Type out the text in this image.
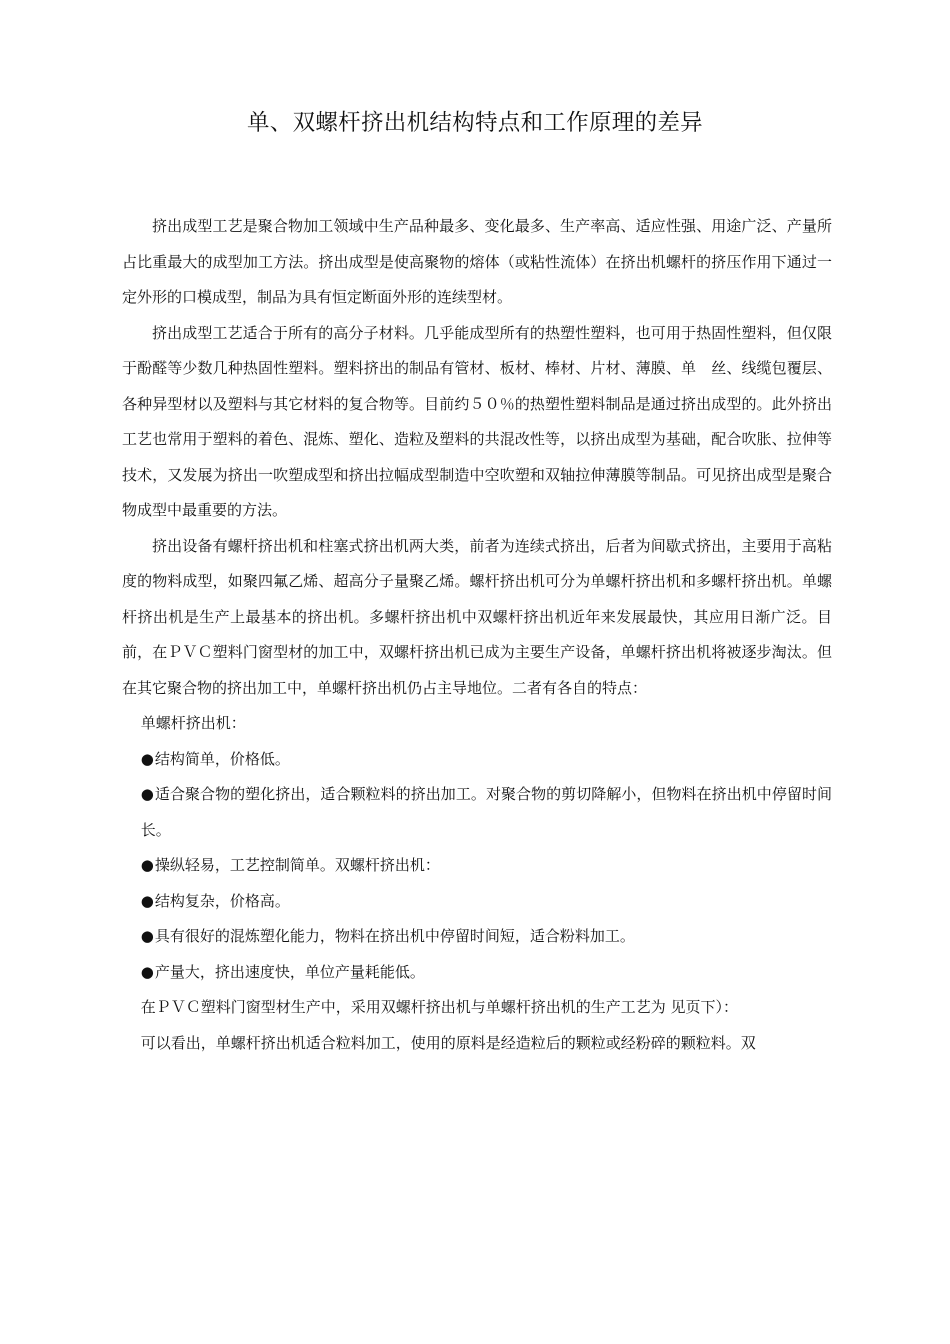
单、双螺杆挤出机结构特点和工作原理的差异

挤出成型工艺是聚合物加工领域中生产品种最多、变化最多、生产率高、适应性强、用途广泛、产量所占比重最大的成型加工方法。挤出成型是使高聚物的熔体（或粘性流体）在挤出机螺杆的挤压作用下通过一定外形的口模成型，制品为具有恒定断面外形的连续型材。

挤出成型工艺适合于所有的高分子材料。几乎能成型所有的热塑性塑料，也可用于热固性塑料，但仅限于酚醛等少数几种热固性塑料。塑料挤出的制品有管材、板材、棒材、片材、薄膜、单　丝、线缆包覆层、各种异型材以及塑料与其它材料的复合物等。目前约５０％的热塑性塑料制品是通过挤出成型的。此外挤出工艺也常用于塑料的着色、混炼、塑化、造粒及塑料的共混改性等，以挤出成型为基础，配合吹胀、拉伸等技术，又发展为挤出一吹塑成型和挤出拉幅成型制造中空吹塑和双轴拉伸薄膜等制品。可见挤出成型是聚合物成型中最重要的方法。

挤出设备有螺杆挤出机和柱塞式挤出机两大类，前者为连续式挤出，后者为间歇式挤出，主要用于高粘度的物料成型，如聚四氟乙烯、超高分子量聚乙烯。螺杆挤出机可分为单螺杆挤出机和多螺杆挤出机。单螺杆挤出机是生产上最基本的挤出机。多螺杆挤出机中双螺杆挤出机近年来发展最快，其应用日渐广泛。目前，在ＰＶＣ塑料门窗型材的加工中，双螺杆挤出机已成为主要生产设备，单螺杆挤出机将被逐步淘汰。但在其它聚合物的挤出加工中，单螺杆挤出机仍占主导地位。二者有各自的特点：

单螺杆挤出机：

●结构简单，价格低。

●适合聚合物的塑化挤出，适合颗粒料的挤出加工。对聚合物的剪切降解小，但物料在挤出机中停留时间长。

●操纵轻易，工艺控制简单。双螺杆挤出机：

●结构复杂，价格高。

●具有很好的混炼塑化能力，物料在挤出机中停留时间短，适合粉料加工。

●产量大，挤出速度快，单位产量耗能低。

在ＰＶＣ塑料门窗型材生产中，采用双螺杆挤出机与单螺杆挤出机的生产工艺为 见页下）：

可以看出，单螺杆挤出机适合粒料加工，使用的原料是经造粒后的颗粒或经粉碎的颗粒料。双
